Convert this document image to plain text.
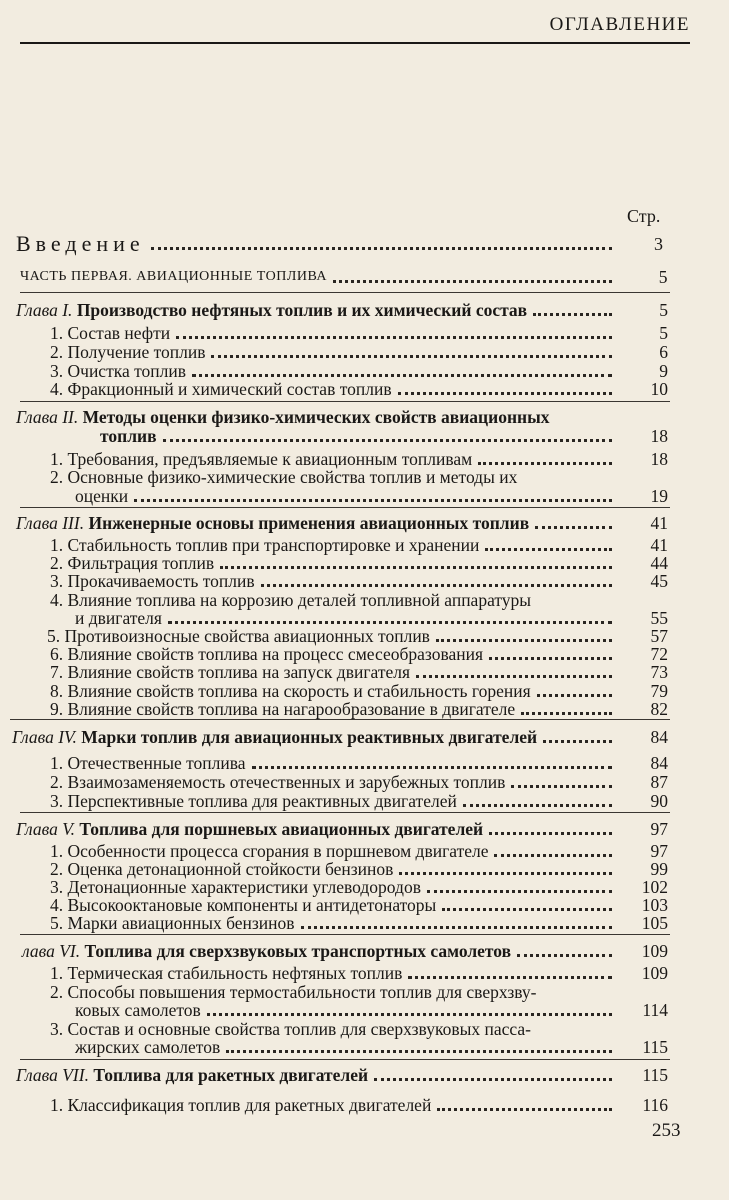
ОГЛАВЛЕНИЕ
Стр.
Введение	3
ЧАСТЬ ПЕРВАЯ. АВИАЦИОННЫЕ ТОПЛИВА	5
Глава I. Производство нефтяных топлив и их химический состав	5
1. Состав нефти	5
2. Получение топлив	6
3. Очистка топлив	9
4. Фракционный и химический состав топлив	10
Глава II. Методы оценки физико-химических свойств авиационных
топлив	18
1. Требования, предъявляемые к авиационным топливам	18
2. Основные физико-химические свойства топлив и методы их
оценки	19
Глава III. Инженерные основы применения авиационных топлив	41
1. Стабильность топлив при транспортировке и хранении	41
2. Фильтрация топлив	44
3. Прокачиваемость топлив	45
4. Влияние топлива на коррозию деталей топливной аппаратуры
и двигателя	55
5. Противоизносные свойства авиационных топлив	57
6. Влияние свойств топлива на процесс смесеобразования	72
7. Влияние свойств топлива на запуск двигателя	73
8. Влияние свойств топлива на скорость и стабильность горения	79
9. Влияние свойств топлива на нагарообразование в двигателе	82
Глава IV. Марки топлив для авиационных реактивных двигателей	84
1. Отечественные топлива	84
2. Взаимозаменяемость отечественных и зарубежных топлив	87
3. Перспективные топлива для реактивных двигателей	90
Глава V. Топлива для поршневых авиационных двигателей	97
1. Особенности процесса сгорания в поршневом двигателе	97
2. Оценка детонационной стойкости бензинов	99
3. Детонационные характеристики углеводородов	102
4. Высокооктановые компоненты и антидетонаторы	103
5. Марки авиационных бензинов	105
лава VI. Топлива для сверхзвуковых транспортных самолетов	109
1. Термическая стабильность нефтяных топлив	109
2. Способы повышения термостабильности топлив для сверхзву-
ковых самолетов	114
3. Состав и основные свойства топлив для сверхзвуковых пасса-
жирских самолетов	115
Глава VII. Топлива для ракетных двигателей	115
1. Классификация топлив для ракетных двигателей	116
253
